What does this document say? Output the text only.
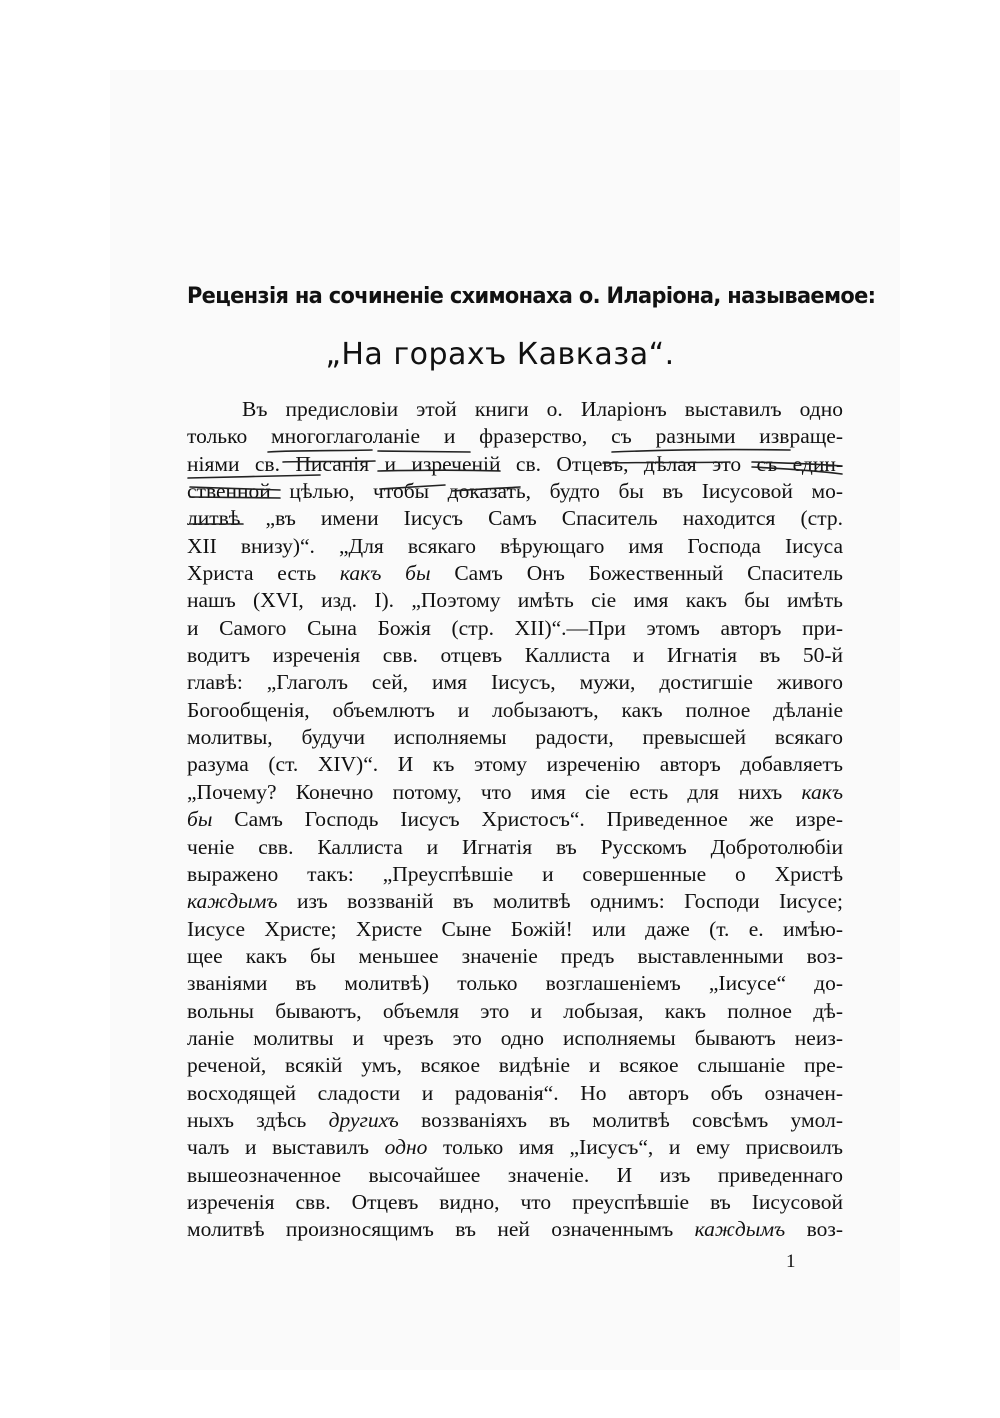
Рецензія на сочиненіе схимонаха о. Иларіона, называемое:
„На горахъ Кавказа“.
Въ предисловіи этой книги о. Иларіонъ выставилъ одно
только многоглаголаніе и фразерство, съ разными извраще-
ніями св. Писанія и изреченій св. Отцевъ, дѣлая это съ един-
ственной цѣлью, чтобы доказать, будто бы въ Іисусовой мо-
литвѣ „въ имени Іисусъ Самъ Спаситель находится (стр.
XII внизу)“. „Для всякаго вѣрующаго имя Господа Іисуса
Христа есть какъ бы Самъ Онъ Божественный Спаситель
нашъ (XVI, изд. I). „Поэтому имѣть сіе имя какъ бы имѣть
и Самого Сына Божія (стр. XII)“.—При этомъ авторъ при-
водитъ изреченія свв. отцевъ Каллиста и Игнатія въ 50-й
главѣ: „Глаголъ сей, имя Іисусъ, мужи, достигшіе живого
Богообщенія, объемлютъ и лобызаютъ, какъ полное дѣланіе
молитвы, будучи исполняемы радости, превысшей всякаго
разума (ст. XIV)“. И къ этому изреченію авторъ добавляетъ
„Почему? Конечно потому, что имя сіе есть для нихъ какъ
бы Самъ Господь Іисусъ Христосъ“. Приведенное же изре-
ченіе свв. Каллиста и Игнатія въ Русскомъ Добротолюбіи
выражено такъ: „Преуспѣвшіе и совершенные о Христѣ
каждымъ изъ воззваній въ молитвѣ однимъ: Господи Іисусе;
Іисусе Христе; Христе Сыне Божій! или даже (т. е. имѣю-
щее какъ бы меньшее значеніе предъ выставленными воз-
званіями въ молитвѣ) только возглашеніемъ „Іисусе“ до-
вольны бываютъ, объемля это и лобызая, какъ полное дѣ-
ланіе молитвы и чрезъ это одно исполняемы бываютъ неиз-
реченой, всякій умъ, всякое видѣніе и всякое слышаніе пре-
восходящей сладости и радованія“. Но авторъ объ означен-
ныхъ здѣсь другихъ воззваніяхъ въ молитвѣ совсѣмъ умол-
чалъ и выставилъ одно только имя „Іисусъ“, и ему присвоилъ
вышеозначенное высочайшее значеніе. И изъ приведеннаго
изреченія свв. Отцевъ видно, что преуспѣвшіе въ Іисусовой
молитвѣ произносящимъ въ ней означеннымъ каждымъ воз-
1
